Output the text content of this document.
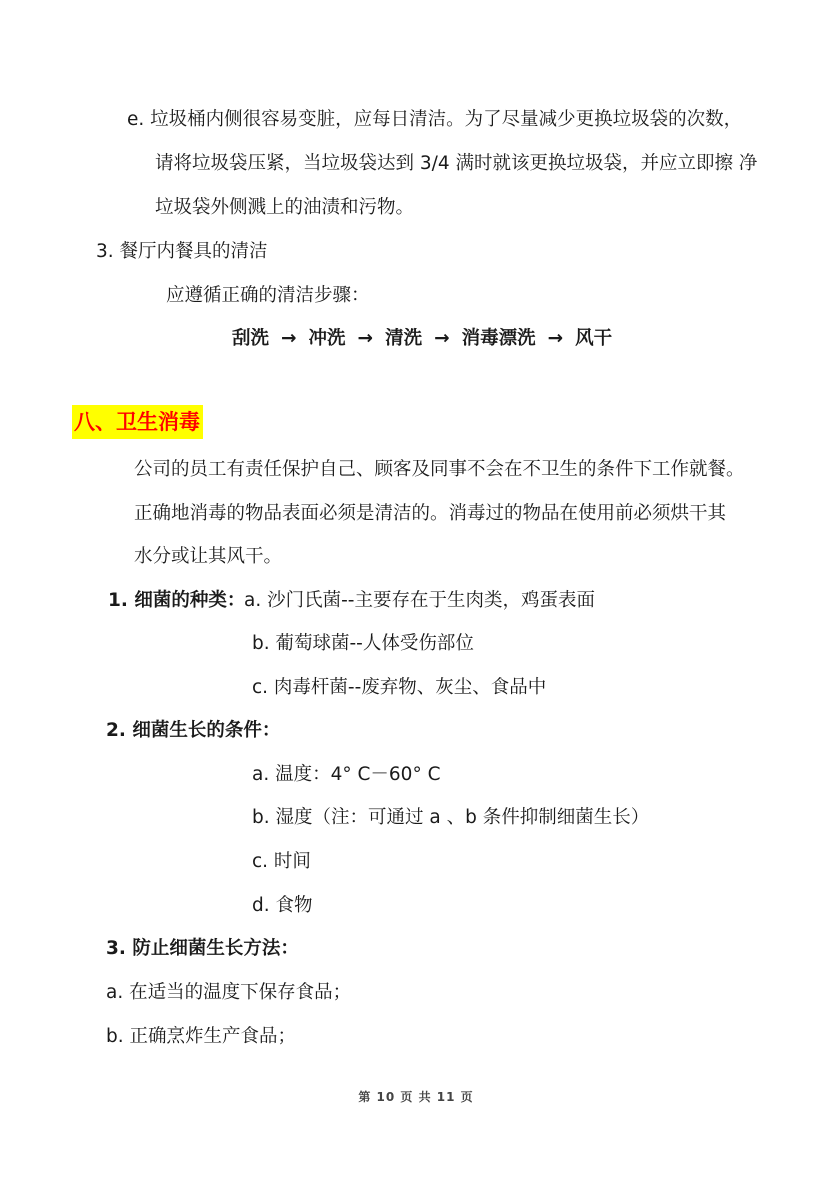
e. 垃圾桶内侧很容易变脏，应每日清洁。为了尽量减少更换垃圾袋的次数，
请将垃圾袋压紧，当垃圾袋达到 3/4 满时就该更换垃圾袋，并应立即擦 净
垃圾袋外侧溅上的油渍和污物。
3. 餐厅内餐具的清洁
应遵循正确的清洁步骤：
刮洗 → 冲洗 → 清洗 → 消毒漂洗 → 风干
八、卫生消毒
公司的员工有责任保护自己、顾客及同事不会在不卫生的条件下工作就餐。
正确地消毒的物品表面必须是清洁的。消毒过的物品在使用前必须烘干其
水分或让其风干。
1. 细菌的种类：
a. 沙门氏菌--主要存在于生肉类，鸡蛋表面
b. 葡萄球菌--人体受伤部位
c. 肉毒杆菌--废弃物、灰尘、食品中
2. 细菌生长的条件：
a. 温度：4° C－60° C
b. 湿度（注：可通过 a 、b 条件抑制细菌生长）
c. 时间
d. 食物
3. 防止细菌生长方法：
a. 在适当的温度下保存食品；
b. 正确烹炸生产食品；
第 10 页 共 11 页
